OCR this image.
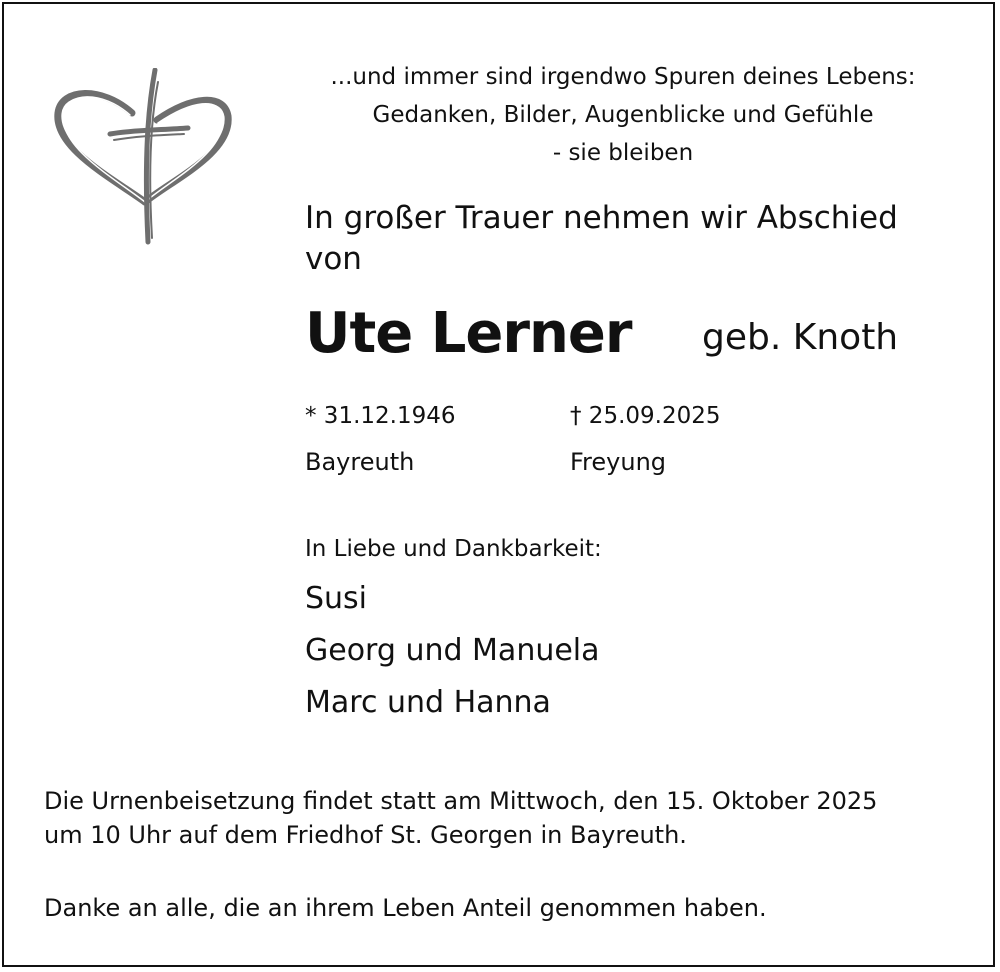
...und immer sind irgendwo Spuren deines Lebens:
Gedanken, Bilder, Augenblicke und Gefühle
- sie bleiben
In großer Trauer nehmen wir Abschied
von
Ute Lerner geb. Knoth
* 31.12.1946	† 25.09.2025
Bayreuth	Freyung
In Liebe und Dankbarkeit:
Susi
Georg und Manuela
Marc und Hanna
Die Urnenbeisetzung findet statt am Mittwoch, den 15. Oktober 2025
um 10 Uhr auf dem Friedhof St. Georgen in Bayreuth.
Danke an alle, die an ihrem Leben Anteil genommen haben.
